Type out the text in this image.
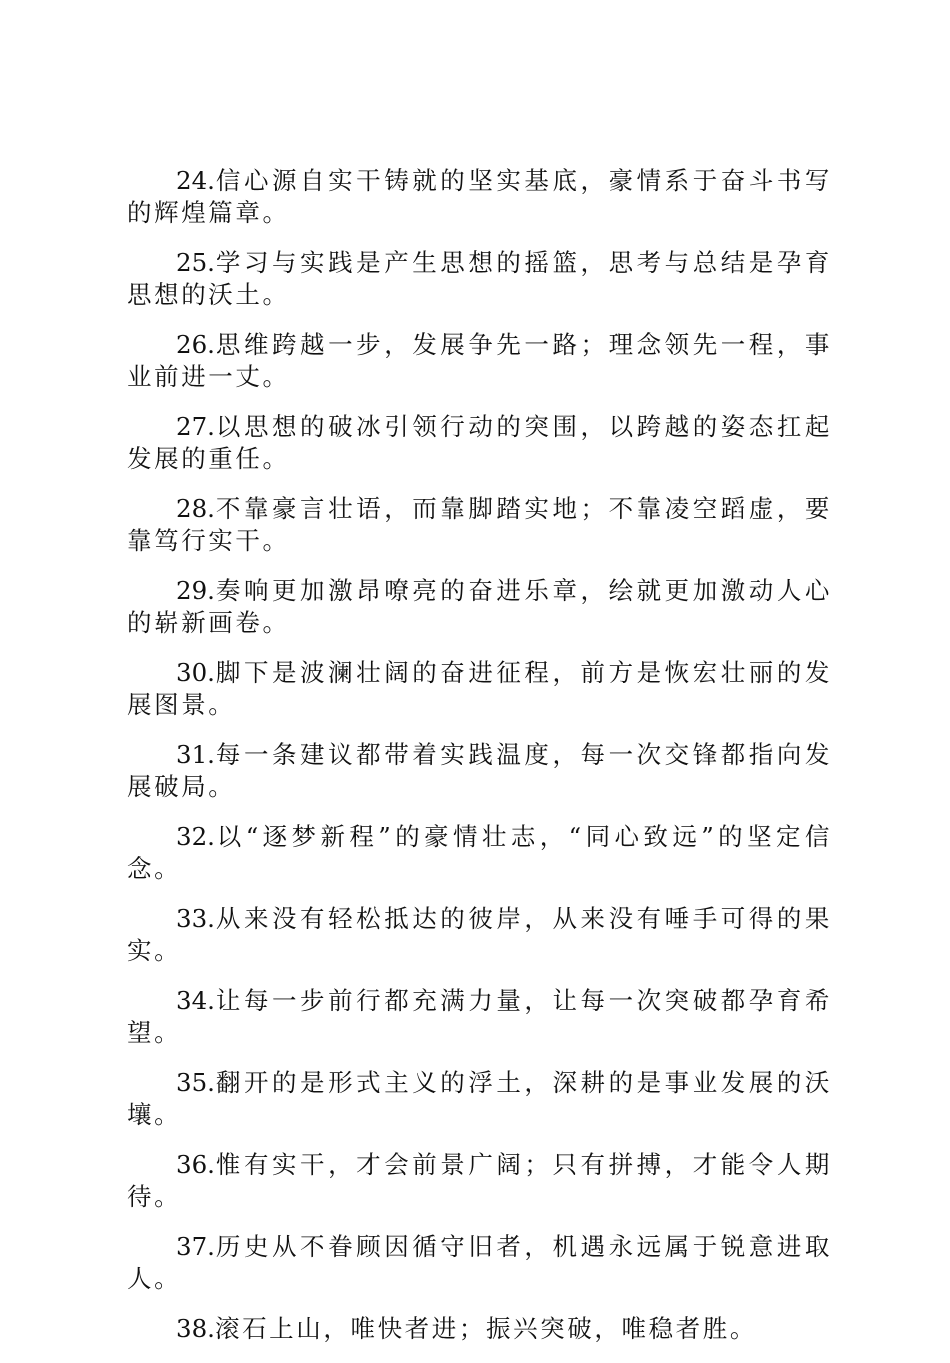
24.信心源自实干铸就的坚实基底，豪情系于奋斗书写的辉煌篇章。

25.学习与实践是产生思想的摇篮，思考与总结是孕育思想的沃土。

26.思维跨越一步，发展争先一路；理念领先一程，事业前进一丈。

27.以思想的破冰引领行动的突围，以跨越的姿态扛起发展的重任。

28.不靠豪言壮语，而靠脚踏实地；不靠凌空蹈虚，要靠笃行实干。

29.奏响更加激昂嘹亮的奋进乐章，绘就更加激动人心的崭新画卷。

30.脚下是波澜壮阔的奋进征程，前方是恢宏壮丽的发展图景。

31.每一条建议都带着实践温度，每一次交锋都指向发展破局。

32.以“逐梦新程”的豪情壮志，“同心致远”的坚定信念。

33.从来没有轻松抵达的彼岸，从来没有唾手可得的果实。

34.让每一步前行都充满力量，让每一次突破都孕育希望。

35.翻开的是形式主义的浮土，深耕的是事业发展的沃壤。

36.惟有实干，才会前景广阔；只有拼搏，才能令人期待。

37.历史从不眷顾因循守旧者，机遇永远属于锐意进取人。

38.滚石上山，唯快者进；振兴突破，唯稳者胜。
